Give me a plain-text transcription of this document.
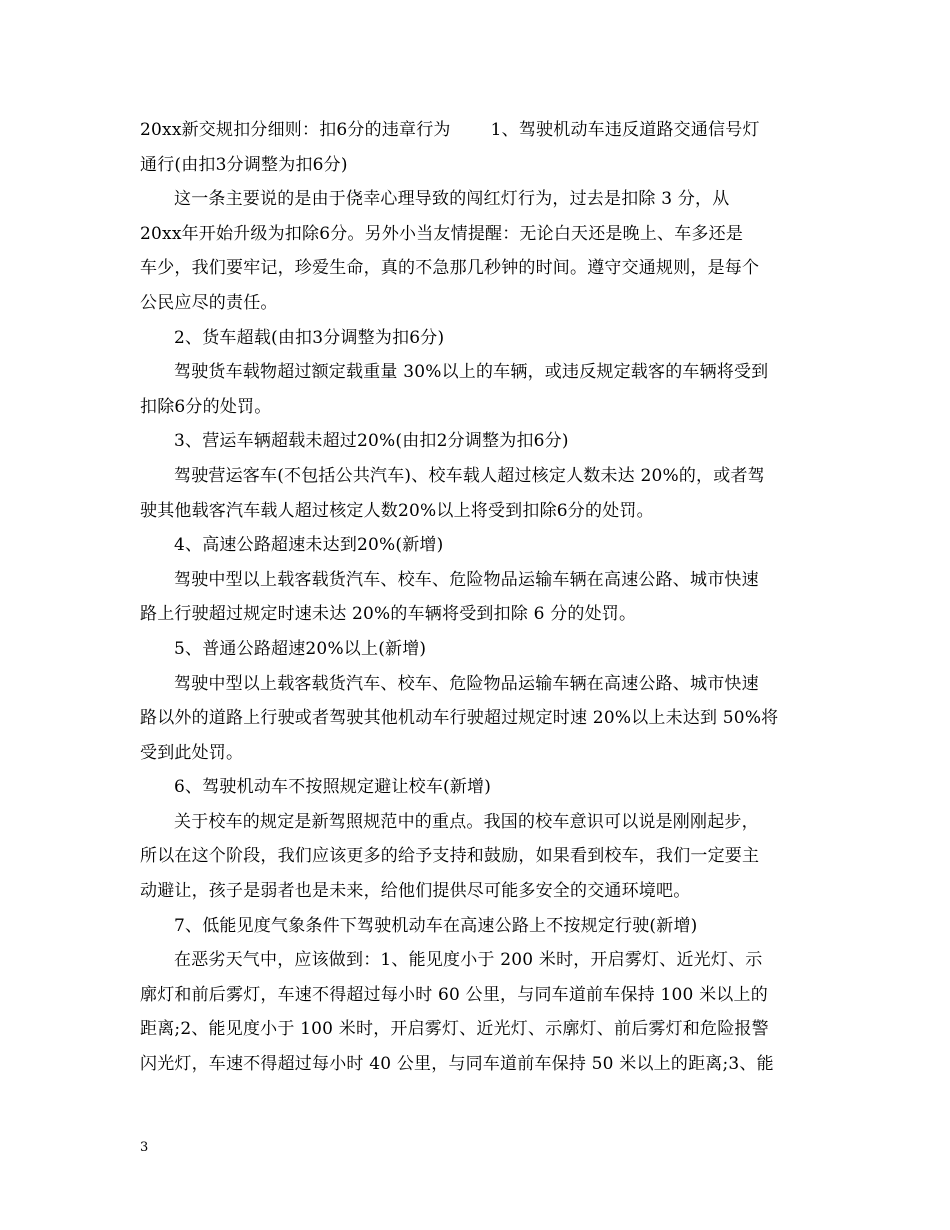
20xx新交规扣分细则：扣6分的违章行为 1、驾驶机动车违反道路交通信号灯
通行(由扣3分调整为扣6分)
这一条主要说的是由于侥幸心理导致的闯红灯行为，过去是扣除 3 分，从
20xx年开始升级为扣除6分。另外小当友情提醒：无论白天还是晚上、车多还是
车少，我们要牢记，珍爱生命，真的不急那几秒钟的时间。遵守交通规则，是每个
公民应尽的责任。
2、货车超载(由扣3分调整为扣6分)
驾驶货车载物超过额定载重量 30%以上的车辆，或违反规定载客的车辆将受到
扣除6分的处罚。
3、营运车辆超载未超过20%(由扣2分调整为扣6分)
驾驶营运客车(不包括公共汽车)、校车载人超过核定人数未达 20%的，或者驾
驶其他载客汽车载人超过核定人数20%以上将受到扣除6分的处罚。
4、高速公路超速未达到20%(新增)
驾驶中型以上载客载货汽车、校车、危险物品运输车辆在高速公路、城市快速
路上行驶超过规定时速未达 20%的车辆将受到扣除 6 分的处罚。
5、普通公路超速20%以上(新增)
驾驶中型以上载客载货汽车、校车、危险物品运输车辆在高速公路、城市快速
路以外的道路上行驶或者驾驶其他机动车行驶超过规定时速 20%以上未达到 50%将
受到此处罚。
6、驾驶机动车不按照规定避让校车(新增)
关于校车的规定是新驾照规范中的重点。我国的校车意识可以说是刚刚起步，
所以在这个阶段，我们应该更多的给予支持和鼓励，如果看到校车，我们一定要主
动避让，孩子是弱者也是未来，给他们提供尽可能多安全的交通环境吧。
7、低能见度气象条件下驾驶机动车在高速公路上不按规定行驶(新增)
在恶劣天气中，应该做到：1、能见度小于 200 米时，开启雾灯、近光灯、示
廓灯和前后雾灯，车速不得超过每小时 60 公里，与同车道前车保持 100 米以上的
距离;2、能见度小于 100 米时，开启雾灯、近光灯、示廓灯、前后雾灯和危险报警
闪光灯，车速不得超过每小时 40 公里，与同车道前车保持 50 米以上的距离;3、能
3
